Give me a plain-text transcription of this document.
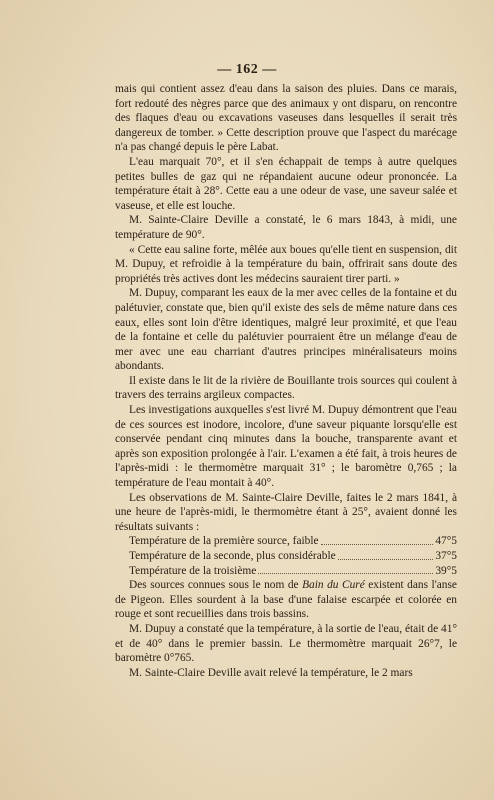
— 162 —

mais qui contient assez d'eau dans la saison des pluies. Dans ce marais, fort redouté des nègres parce que des animaux y ont disparu, on rencontre des flaques d'eau ou excavations vaseuses dans lesquelles il serait très dangereux de tomber. » Cette description prouve que l'aspect du marécage n'a pas changé depuis le père Labat.

L'eau marquait 70°, et il s'en échappait de temps à autre quelques petites bulles de gaz qui ne répandaient aucune odeur prononcée. La température était à 28°. Cette eau a une odeur de vase, une saveur salée et vaseuse, et elle est louche.

M. Sainte-Claire Deville a constaté, le 6 mars 1843, à midi, une température de 90°.

« Cette eau saline forte, mêlée aux boues qu'elle tient en suspension, dit M. Dupuy, et refroidie à la température du bain, offrirait sans doute des propriétés très actives dont les médecins sauraient tirer parti. »

M. Dupuy, comparant les eaux de la mer avec celles de la fontaine et du palétuvier, constate que, bien qu'il existe des sels de même nature dans ces eaux, elles sont loin d'être identiques, malgré leur proximité, et que l'eau de la fontaine et celle du palétuvier pourraient être un mélange d'eau de mer avec une eau charriant d'autres principes minéralisateurs moins abondants.

Il existe dans le lit de la rivière de Bouillante trois sources qui coulent à travers des terrains argileux compactes.

Les investigations auxquelles s'est livré M. Dupuy démontrent que l'eau de ces sources est inodore, incolore, d'une saveur piquante lorsqu'elle est conservée pendant cinq minutes dans la bouche, transparente avant et après son exposition prolongée à l'air. L'examen a été fait, à trois heures de l'après-midi : le thermomètre marquait 31° ; le baromètre 0,765 ; la température de l'eau montait à 40°.

Les observations de M. Sainte-Claire Deville, faites le 2 mars 1841, à une heure de l'après-midi, le thermomètre étant à 25°, avaient donné les résultats suivants :

Température de la première source, faible	47°5
Température de la seconde, plus considérable	37°5
Température de la troisième	39°5

Des sources connues sous le nom de Bain du Curé existent dans l'anse de Pigeon. Elles sourdent à la base d'une falaise escarpée et colorée en rouge et sont recueillies dans trois bassins.

M. Dupuy a constaté que la température, à la sortie de l'eau, était de 41° et de 40° dans le premier bassin. Le thermomètre marquait 26°7, le baromètre 0°765.

M. Sainte-Claire Deville avait relevé la température, le 2 mars
